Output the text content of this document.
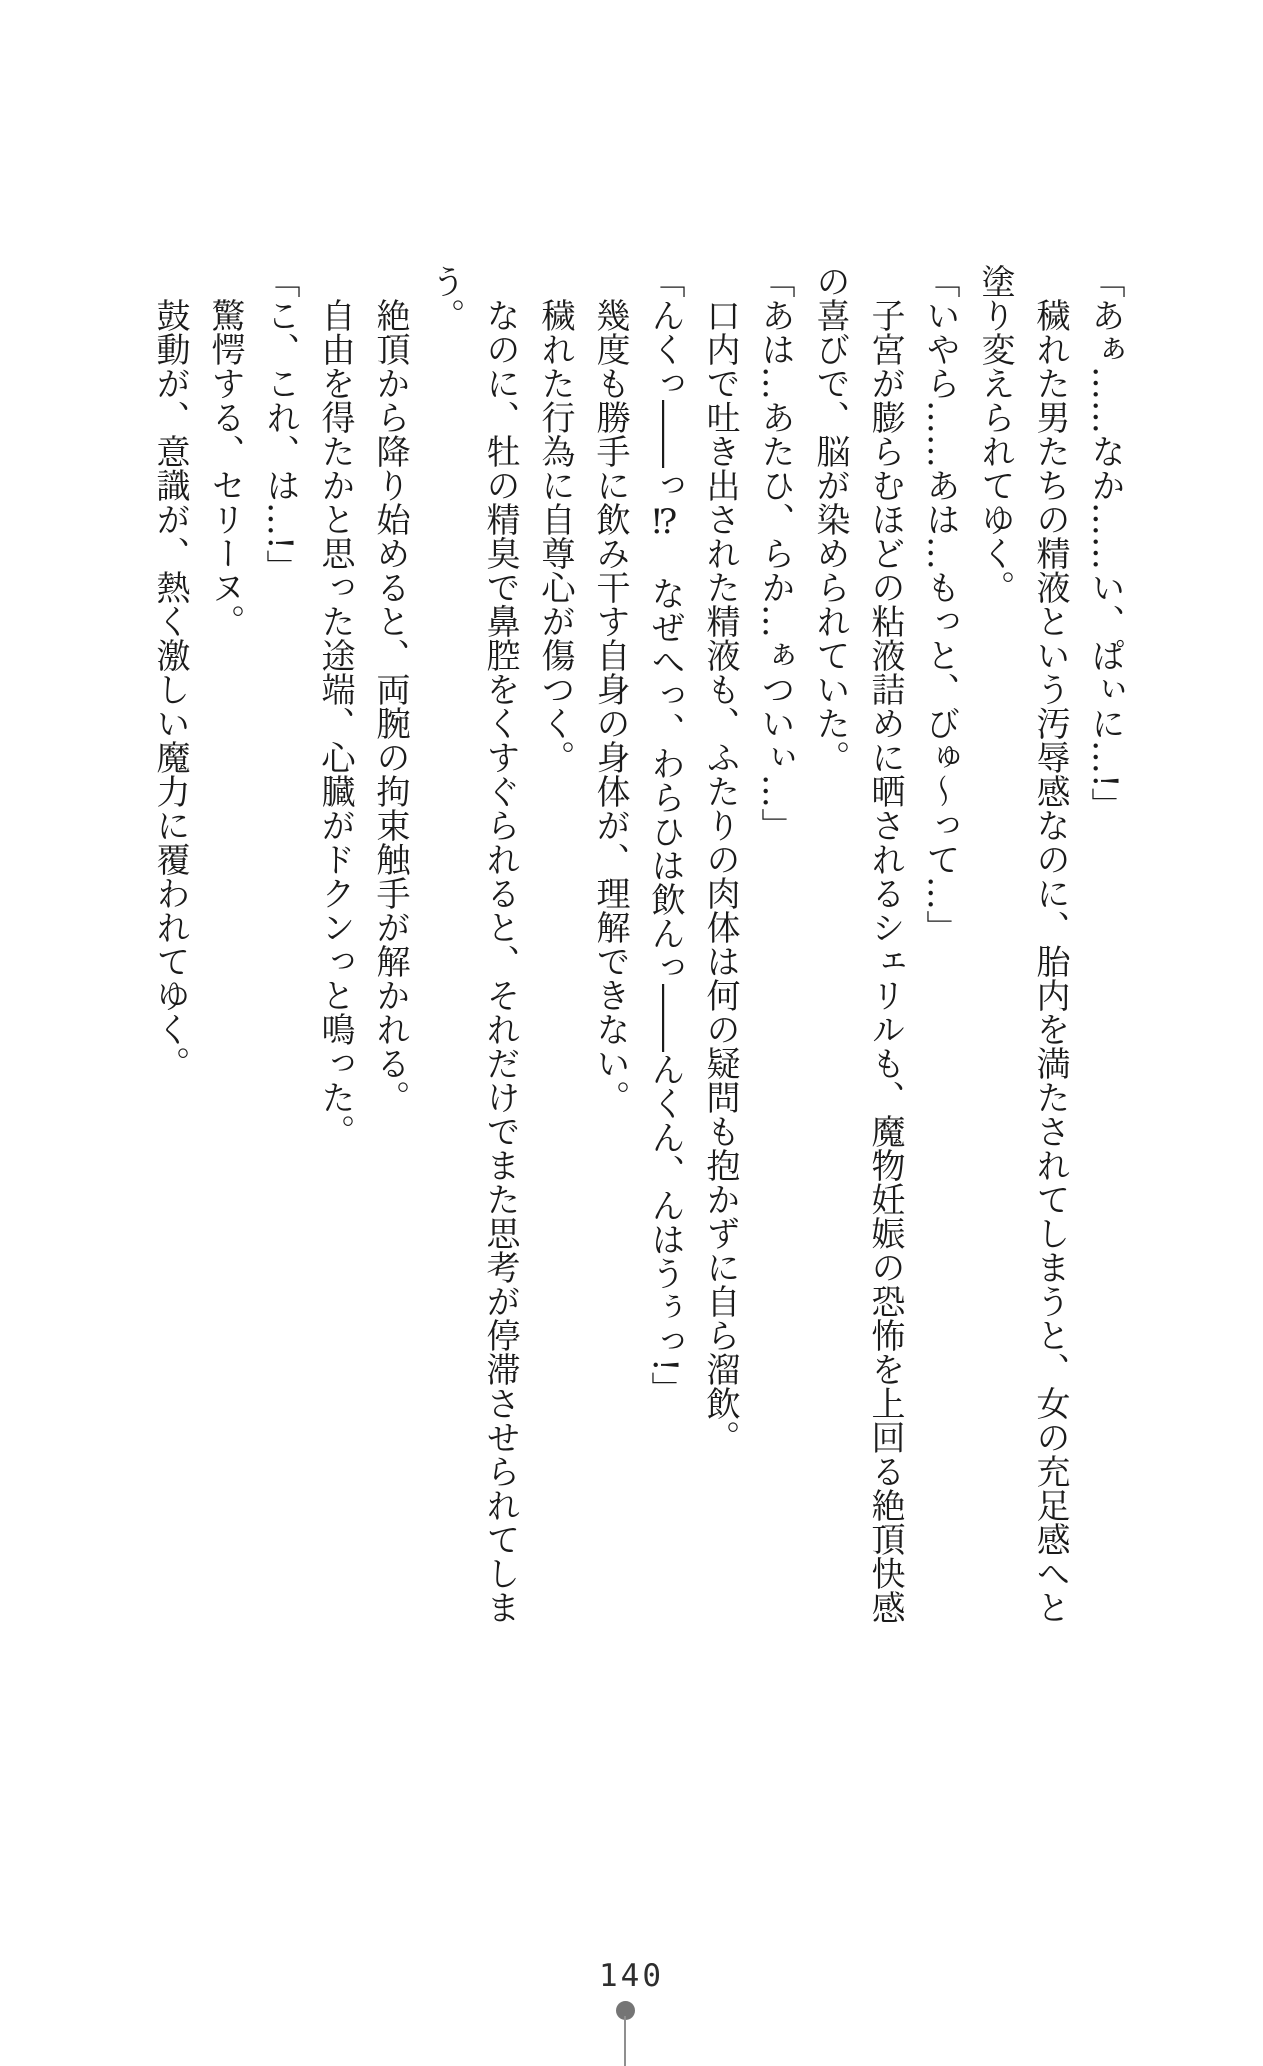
「あぁ……なか……い、ぱぃに…!」

穢れた男たちの精液という汚辱感なのに、胎内を満たされてしまうと、女の充足感へと塗り変えられてゆく。

「いやら……あは…もっと、びゅ〜って…」

子宮が膨らむほどの粘液詰めに晒されるシェリルも、魔物妊娠の恐怖を上回る絶頂快感の喜びで、脳が染められていた。

「あは…あたひ、らか…ぁついぃ…」

口内で吐き出された精液も、ふたりの肉体は何の疑問も抱かずに自ら溜飲。

「んくっ――っ⁉　なぜへっ、わらひは飲んっ――んくん、んはうぅっ!」

幾度も勝手に飲み干す自身の身体が、理解できない。

穢れた行為に自尊心が傷つく。

なのに、牡の精臭で鼻腔をくすぐられると、それだけでまた思考が停滞させられてしまう。

絶頂から降り始めると、両腕の拘束触手が解かれる。

自由を得たかと思った途端、心臓がドクンっと鳴った。

「こ、これ、は…!」

驚愕する、セリーヌ。

鼓動が、意識が、熱く激しい魔力に覆われてゆく。

140
